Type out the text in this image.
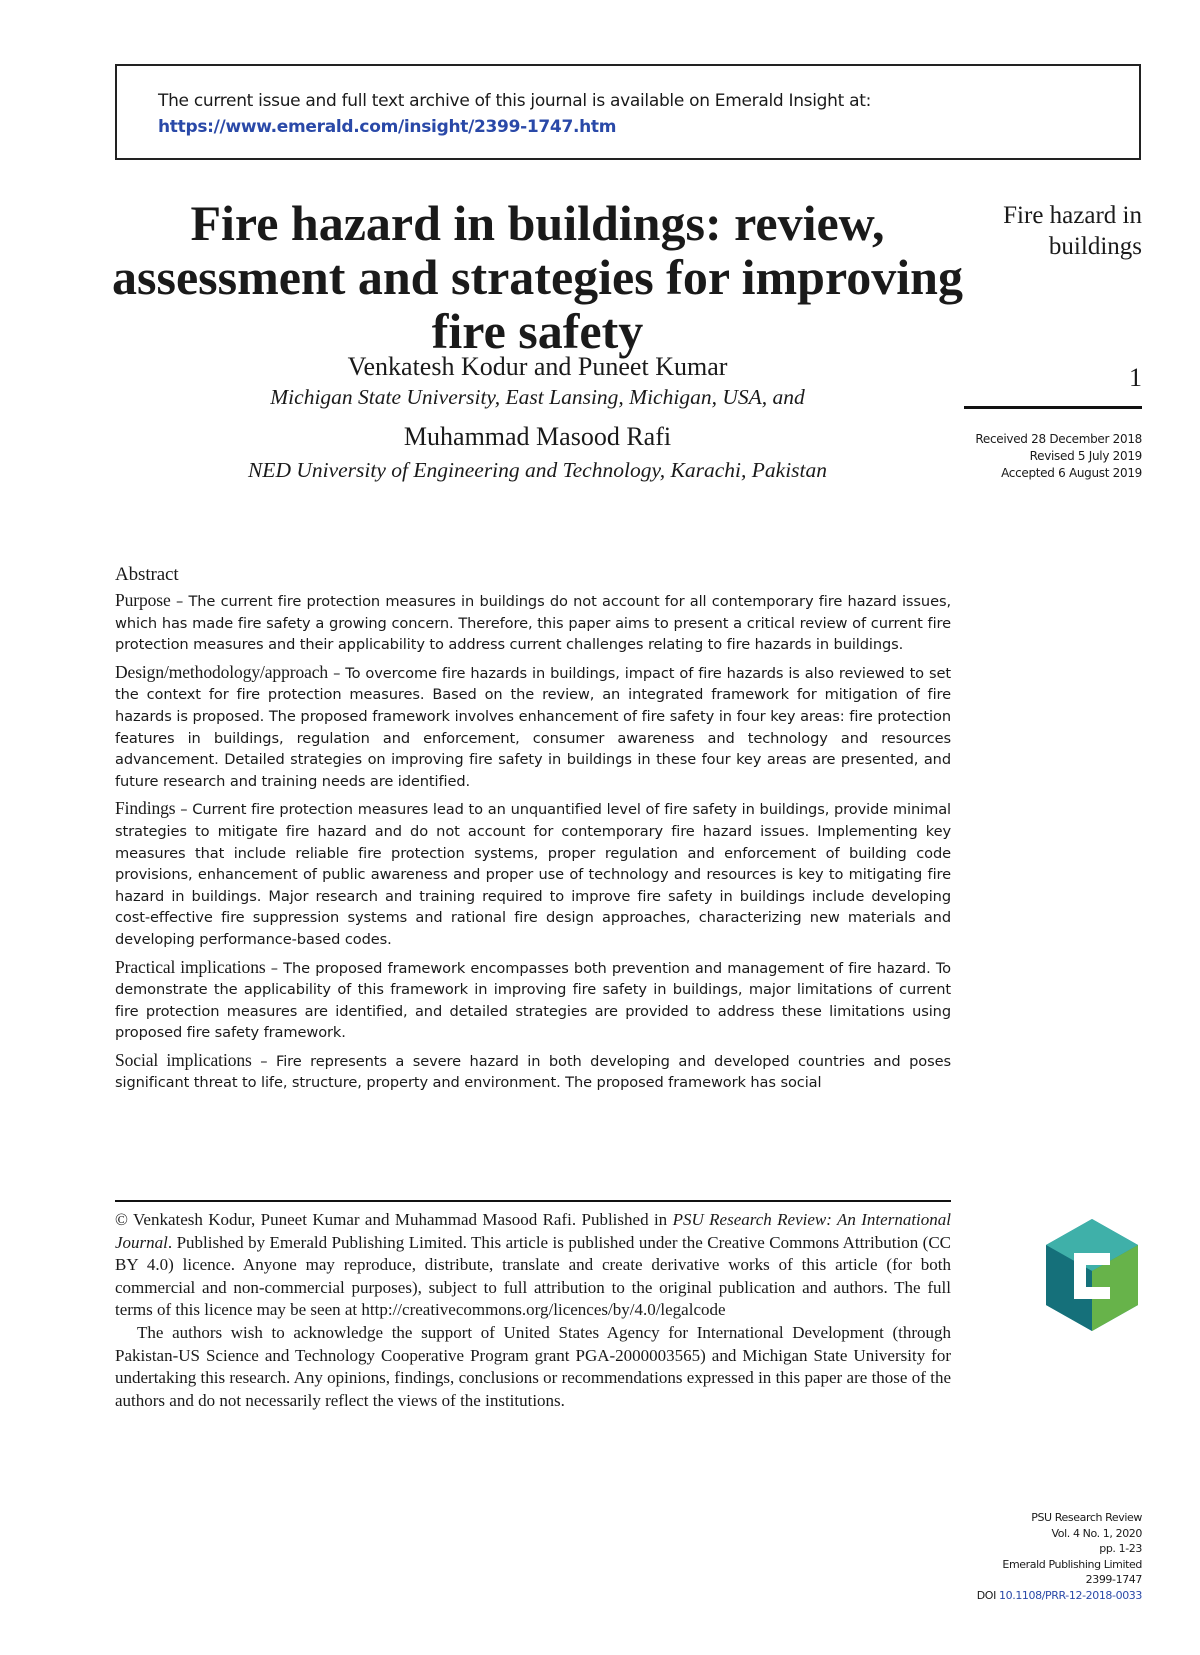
The current issue and full text archive of this journal is available on Emerald Insight at:
https://www.emerald.com/insight/2399-1747.htm
Fire hazard in buildings: review, assessment and strategies for improving fire safety
Venkatesh Kodur and Puneet Kumar
Michigan State University, East Lansing, Michigan, USA, and
Muhammad Masood Rafi
NED University of Engineering and Technology, Karachi, Pakistan
Fire hazard in buildings
1
Received 28 December 2018
Revised 5 July 2019
Accepted 6 August 2019
Abstract

Purpose – The current fire protection measures in buildings do not account for all contemporary fire hazard issues, which has made fire safety a growing concern. Therefore, this paper aims to present a critical review of current fire protection measures and their applicability to address current challenges relating to fire hazards in buildings.

Design/methodology/approach – To overcome fire hazards in buildings, impact of fire hazards is also reviewed to set the context for fire protection measures. Based on the review, an integrated framework for mitigation of fire hazards is proposed. The proposed framework involves enhancement of fire safety in four key areas: fire protection features in buildings, regulation and enforcement, consumer awareness and technology and resources advancement. Detailed strategies on improving fire safety in buildings in these four key areas are presented, and future research and training needs are identified.

Findings – Current fire protection measures lead to an unquantified level of fire safety in buildings, provide minimal strategies to mitigate fire hazard and do not account for contemporary fire hazard issues. Implementing key measures that include reliable fire protection systems, proper regulation and enforcement of building code provisions, enhancement of public awareness and proper use of technology and resources is key to mitigating fire hazard in buildings. Major research and training required to improve fire safety in buildings include developing cost-effective fire suppression systems and rational fire design approaches, characterizing new materials and developing performance-based codes.

Practical implications – The proposed framework encompasses both prevention and management of fire hazard. To demonstrate the applicability of this framework in improving fire safety in buildings, major limitations of current fire protection measures are identified, and detailed strategies are provided to address these limitations using proposed fire safety framework.

Social implications – Fire represents a severe hazard in both developing and developed countries and poses significant threat to life, structure, property and environment. The proposed framework has social

© Venkatesh Kodur, Puneet Kumar and Muhammad Masood Rafi. Published in PSU Research Review: An International Journal. Published by Emerald Publishing Limited. This article is published under the Creative Commons Attribution (CC BY 4.0) licence. Anyone may reproduce, distribute, translate and create derivative works of this article (for both commercial and non-commercial purposes), subject to full attribution to the original publication and authors. The full terms of this licence may be seen at http://creativecommons.org/licences/by/4.0/legalcode

The authors wish to acknowledge the support of United States Agency for International Development (through Pakistan-US Science and Technology Cooperative Program grant PGA-2000003565) and Michigan State University for undertaking this research. Any opinions, findings, conclusions or recommendations expressed in this paper are those of the authors and do not necessarily reflect the views of the institutions.

PSU Research Review
Vol. 4 No. 1, 2020
pp. 1-23
Emerald Publishing Limited
2399-1747
DOI 10.1108/PRR-12-2018-0033
